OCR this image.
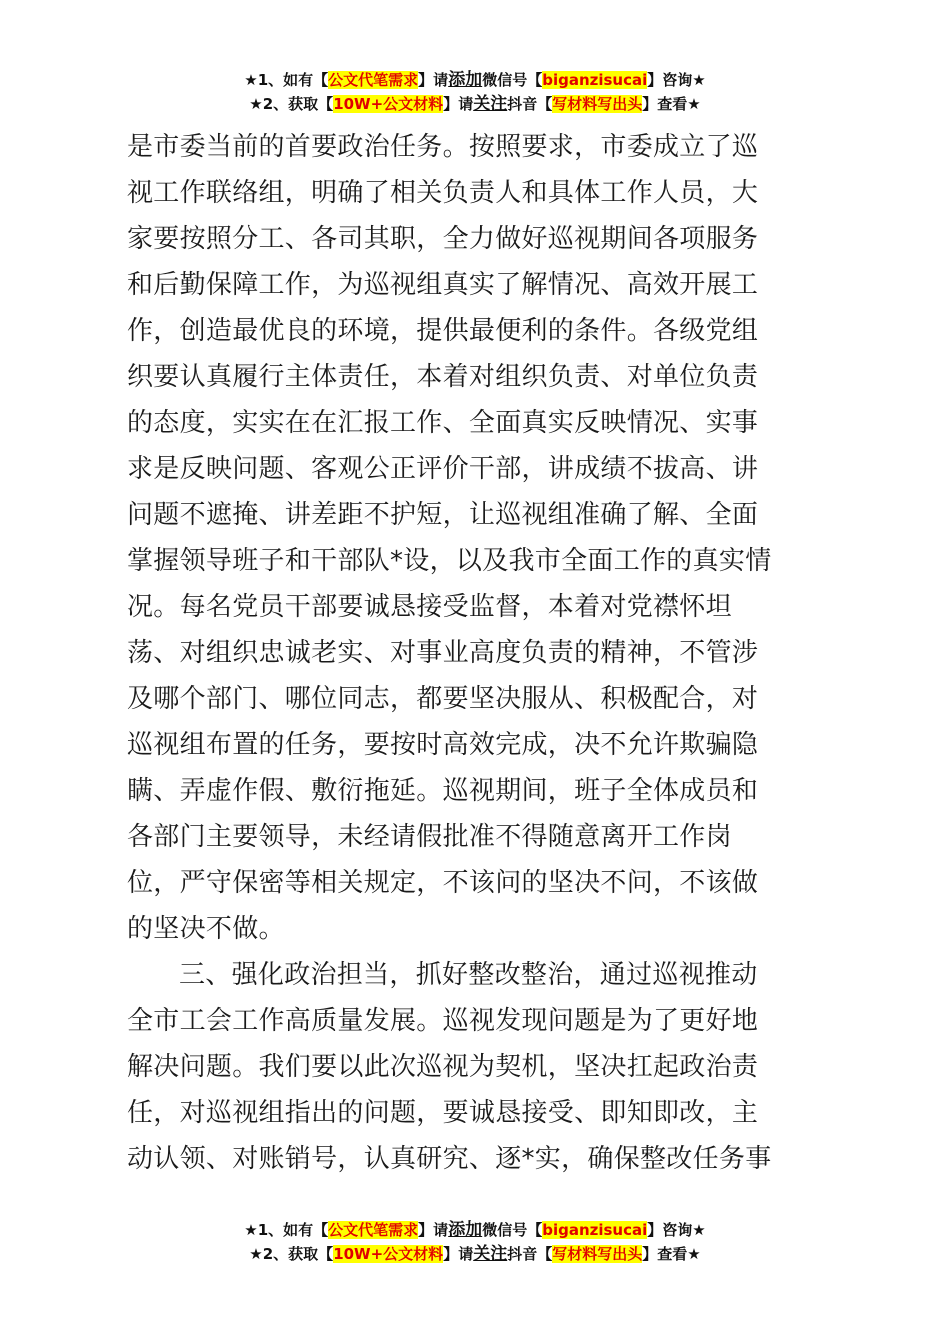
★1、如有【公文代笔需求】请添加微信号【biganzisucai】咨询★
★2、获取【10W+公文材料】请关注抖音【写材料写出头】查看★
是市委当前的首要政治任务。按照要求，市委成立了巡
视工作联络组，明确了相关负责人和具体工作人员，大
家要按照分工、各司其职，全力做好巡视期间各项服务
和后勤保障工作，为巡视组真实了解情况、高效开展工
作，创造最优良的环境，提供最便利的条件。各级党组
织要认真履行主体责任，本着对组织负责、对单位负责
的态度，实实在在汇报工作、全面真实反映情况、实事
求是反映问题、客观公正评价干部，讲成绩不拔高、讲
问题不遮掩、讲差距不护短，让巡视组准确了解、全面
掌握领导班子和干部队*设，以及我市全面工作的真实情
况。每名党员干部要诚恳接受监督，本着对党襟怀坦
荡、对组织忠诚老实、对事业高度负责的精神，不管涉
及哪个部门、哪位同志，都要坚决服从、积极配合，对
巡视组布置的任务，要按时高效完成，决不允许欺骗隐
瞒、弄虚作假、敷衍拖延。巡视期间，班子全体成员和
各部门主要领导，未经请假批准不得随意离开工作岗
位，严守保密等相关规定，不该问的坚决不问，不该做
的坚决不做。
三、强化政治担当，抓好整改整治，通过巡视推动
全市工会工作高质量发展。巡视发现问题是为了更好地
解决问题。我们要以此次巡视为契机，坚决扛起政治责
任，对巡视组指出的问题，要诚恳接受、即知即改，主
动认领、对账销号，认真研究、逐*实，确保整改任务事
★1、如有【公文代笔需求】请添加微信号【biganzisucai】咨询★
★2、获取【10W+公文材料】请关注抖音【写材料写出头】查看★
